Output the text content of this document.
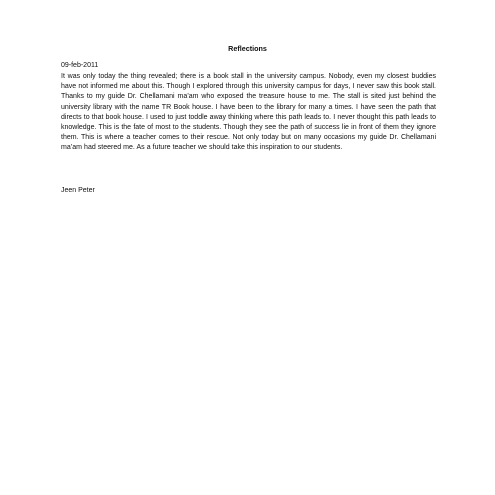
Reflections
09-feb-2011

It was only today the thing revealed; there is a book stall in the university campus. Nobody, even my closest buddies have not informed me about this. Though I explored through this university campus for days, I never saw this book stall. Thanks to my guide Dr. Chellamani ma’am who exposed the treasure house to me. The stall is sited just behind the university library with the name TR Book house. I have been to the library for many a times. I have seen the path that directs to that book house. I used to just toddle away thinking where this path leads to. I never thought this path leads to knowledge. This is the fate of most to the students. Though they see the path of success lie in front of them they ignore them. This is where a teacher comes to their rescue. Not only today but on many occasions my guide Dr. Chellamani ma’am had steered me. As a future teacher we should take this inspiration to our students.

Jeen Peter
